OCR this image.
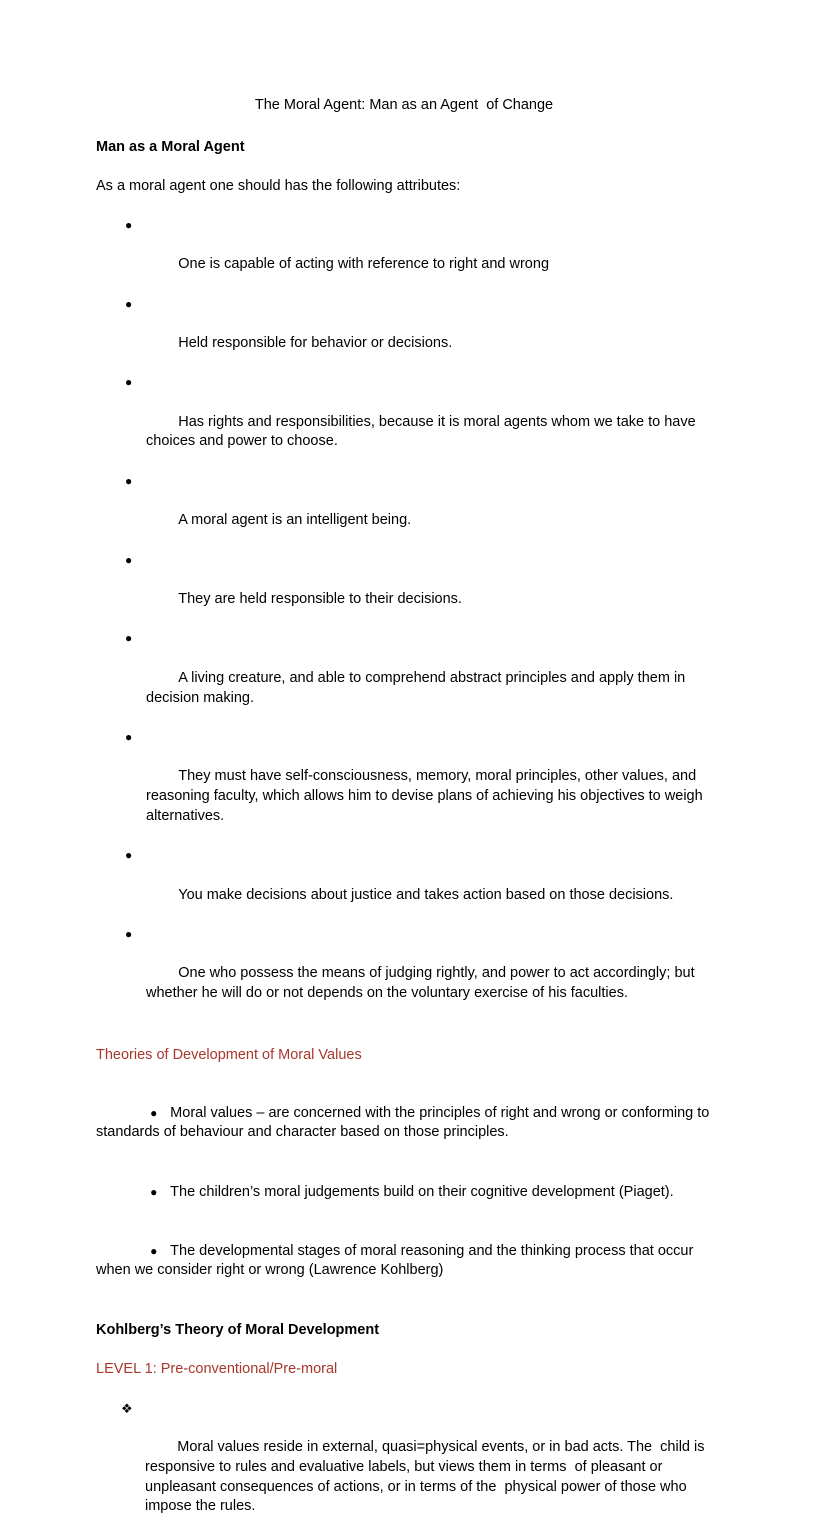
The Moral Agent: Man as an Agent  of Change
Man as a Moral Agent
As a moral agent one should has the following attributes:

●

One is capable of acting with reference to right and wrong

●

Held responsible for behavior or decisions.

●

Has rights and responsibilities, because it is moral agents whom we take to have choices and power to choose.

●

A moral agent is an intelligent being.

●

They are held responsible to their decisions.

●

A living creature, and able to comprehend abstract principles and apply them in decision making.

●

They must have self-consciousness, memory, moral principles, other values, and reasoning faculty, which allows him to devise plans of achieving his objectives to weigh alternatives.

●

You make decisions about justice and takes action based on those decisions.

●

One who possess the means of judging rightly, and power to act accordingly; but whether he will do or not depends on the voluntary exercise of his faculties.

Theories of Development of Moral Values

● Moral values – are concerned with the principles of right and wrong or conforming to standards of behaviour and character based on those principles.

● The children’s moral judgements build on their cognitive development (Piaget).

● The developmental stages of moral reasoning and the thinking process that occur when we consider right or wrong (Lawrence Kohlberg)

Kohlberg’s Theory of Moral Development
LEVEL 1: Pre-conventional/Pre-moral

❖

Moral values reside in external, quasi=physical events, or in bad acts. The  child is responsive to rules and evaluative labels, but views them in terms  of pleasant or unpleasant consequences of actions, or in terms of the  physical power of those who impose the rules.
